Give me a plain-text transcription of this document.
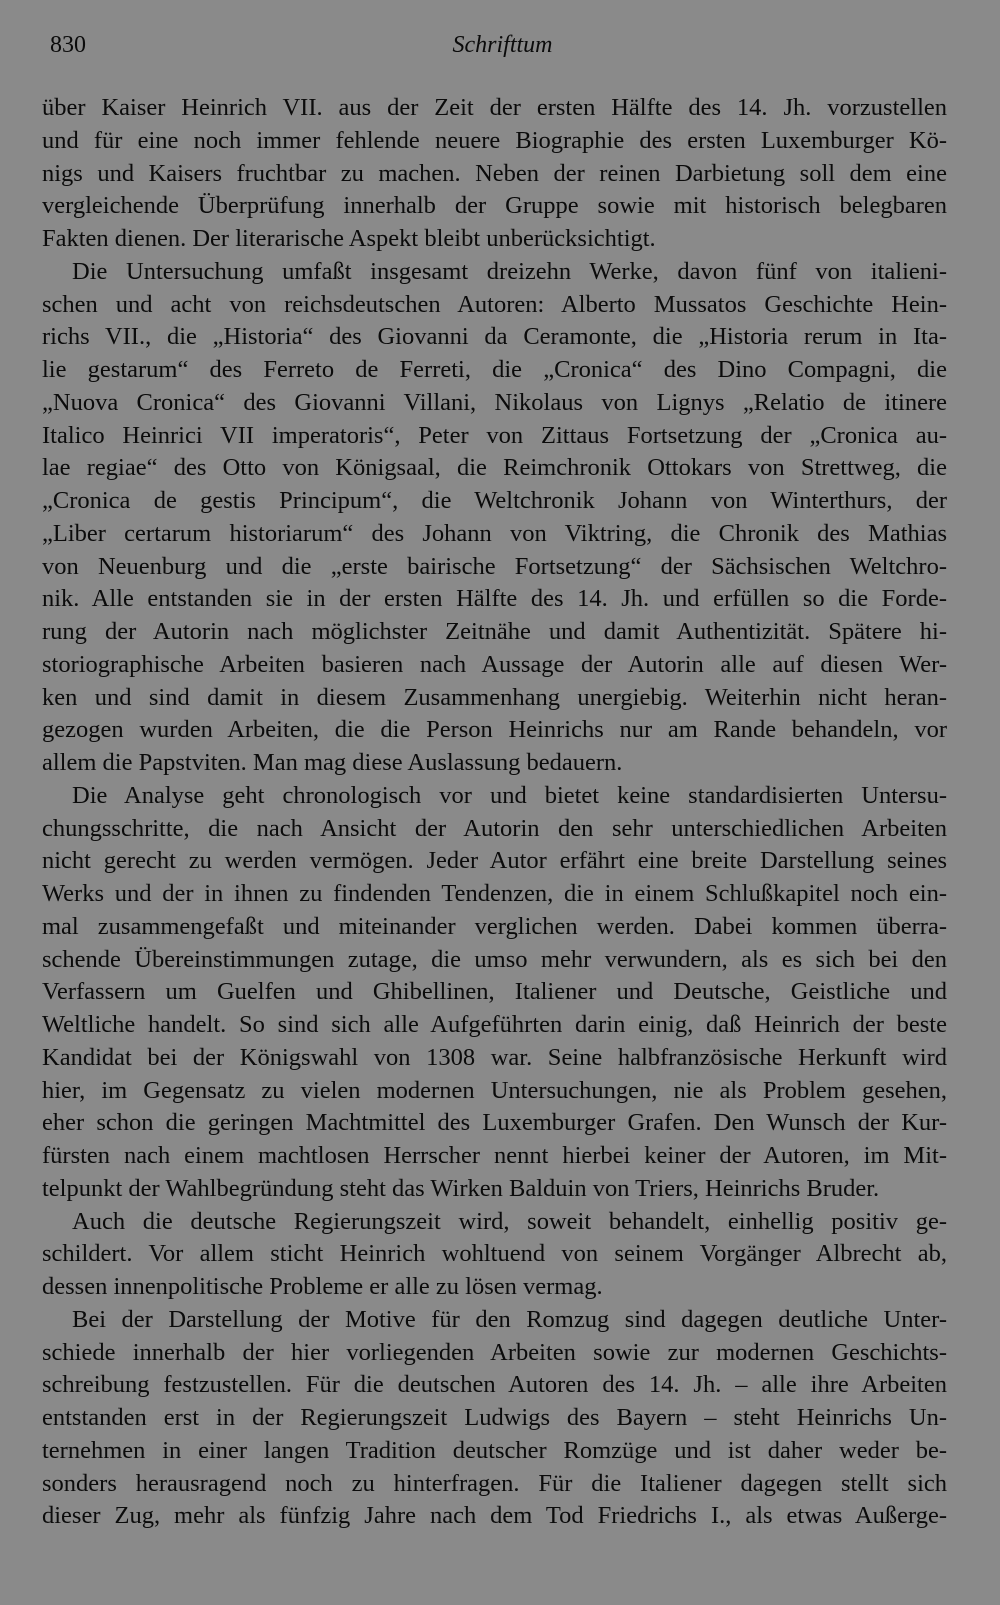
830	Schrifttum
über Kaiser Heinrich VII. aus der Zeit der ersten Hälfte des 14. Jh. vorzustellen
und für eine noch immer fehlende neuere Biographie des ersten Luxemburger Kö-
nigs und Kaisers fruchtbar zu machen. Neben der reinen Darbietung soll dem eine
vergleichende Überprüfung innerhalb der Gruppe sowie mit historisch belegbaren
Fakten dienen. Der literarische Aspekt bleibt unberücksichtigt.
Die Untersuchung umfaßt insgesamt dreizehn Werke, davon fünf von italieni-
schen und acht von reichsdeutschen Autoren: Alberto Mussatos Geschichte Hein-
richs VII., die „Historia“ des Giovanni da Ceramonte, die „Historia rerum in Ita-
lie gestarum“ des Ferreto de Ferreti, die „Cronica“ des Dino Compagni, die
„Nuova Cronica“ des Giovanni Villani, Nikolaus von Lignys „Relatio de itinere
Italico Heinrici VII imperatoris“, Peter von Zittaus Fortsetzung der „Cronica au-
lae regiae“ des Otto von Königsaal, die Reimchronik Ottokars von Strettweg, die
„Cronica de gestis Principum“, die Weltchronik Johann von Winterthurs, der
„Liber certarum historiarum“ des Johann von Viktring, die Chronik des Mathias
von Neuenburg und die „erste bairische Fortsetzung“ der Sächsischen Weltchro-
nik. Alle entstanden sie in der ersten Hälfte des 14. Jh. und erfüllen so die Forde-
rung der Autorin nach möglichster Zeitnähe und damit Authentizität. Spätere hi-
storiographische Arbeiten basieren nach Aussage der Autorin alle auf diesen Wer-
ken und sind damit in diesem Zusammenhang unergiebig. Weiterhin nicht heran-
gezogen wurden Arbeiten, die die Person Heinrichs nur am Rande behandeln, vor
allem die Papstviten. Man mag diese Auslassung bedauern.
Die Analyse geht chronologisch vor und bietet keine standardisierten Untersu-
chungsschritte, die nach Ansicht der Autorin den sehr unterschiedlichen Arbeiten
nicht gerecht zu werden vermögen. Jeder Autor erfährt eine breite Darstellung seines
Werks und der in ihnen zu findenden Tendenzen, die in einem Schlußkapitel noch ein-
mal zusammengefaßt und miteinander verglichen werden. Dabei kommen überra-
schende Übereinstimmungen zutage, die umso mehr verwundern, als es sich bei den
Verfassern um Guelfen und Ghibellinen, Italiener und Deutsche, Geistliche und
Weltliche handelt. So sind sich alle Aufgeführten darin einig, daß Heinrich der beste
Kandidat bei der Königswahl von 1308 war. Seine halbfranzösische Herkunft wird
hier, im Gegensatz zu vielen modernen Untersuchungen, nie als Problem gesehen,
eher schon die geringen Machtmittel des Luxemburger Grafen. Den Wunsch der Kur-
fürsten nach einem machtlosen Herrscher nennt hierbei keiner der Autoren, im Mit-
telpunkt der Wahlbegründung steht das Wirken Balduin von Triers, Heinrichs Bruder.
Auch die deutsche Regierungszeit wird, soweit behandelt, einhellig positiv ge-
schildert. Vor allem sticht Heinrich wohltuend von seinem Vorgänger Albrecht ab,
dessen innenpolitische Probleme er alle zu lösen vermag.
Bei der Darstellung der Motive für den Romzug sind dagegen deutliche Unter-
schiede innerhalb der hier vorliegenden Arbeiten sowie zur modernen Geschichts-
schreibung festzustellen. Für die deutschen Autoren des 14. Jh. – alle ihre Arbeiten
entstanden erst in der Regierungszeit Ludwigs des Bayern – steht Heinrichs Un-
ternehmen in einer langen Tradition deutscher Romzüge und ist daher weder be-
sonders herausragend noch zu hinterfragen. Für die Italiener dagegen stellt sich
dieser Zug, mehr als fünfzig Jahre nach dem Tod Friedrichs I., als etwas Außerge-
